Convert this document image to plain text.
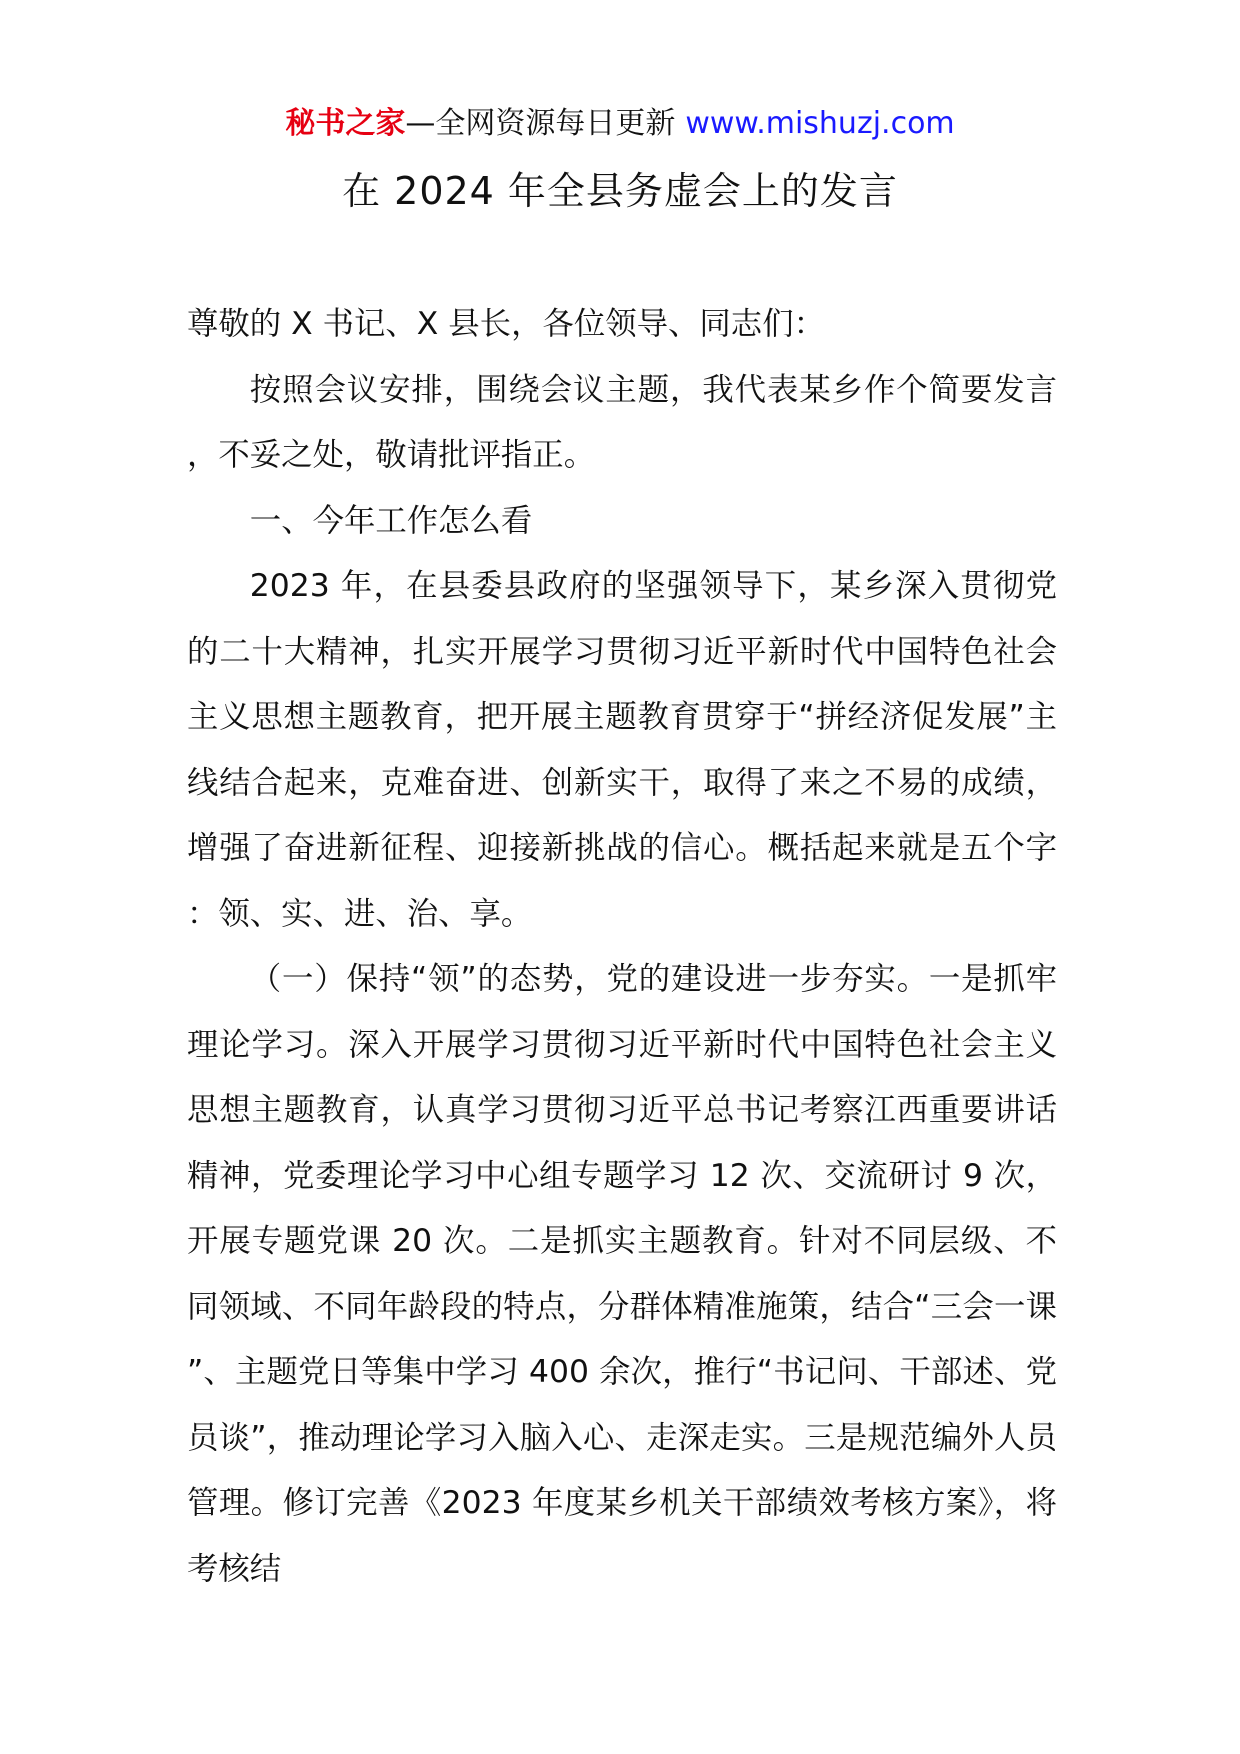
秘书之家—全网资源每日更新 www.mishuzj.com
在 2024 年全县务虚会上的发言

尊敬的 X 书记、X 县长，各位领导、同志们：

按照会议安排，围绕会议主题，我代表某乡作个简要发言，不妥之处，敬请批评指正。

一、今年工作怎么看

2023 年，在县委县政府的坚强领导下，某乡深入贯彻党的二十大精神，扎实开展学习贯彻习近平新时代中国特色社会主义思想主题教育，把开展主题教育贯穿于“拼经济促发展”主线结合起来，克难奋进、创新实干，取得了来之不易的成绩，增强了奋进新征程、迎接新挑战的信心。概括起来就是五个字：领、实、进、治、享。

（一）保持“领”的态势，党的建设进一步夯实。一是抓牢理论学习。深入开展学习贯彻习近平新时代中国特色社会主义思想主题教育，认真学习贯彻习近平总书记考察江西重要讲话精神，党委理论学习中心组专题学习 12 次、交流研讨 9 次，开展专题党课 20 次。二是抓实主题教育。针对不同层级、不同领域、不同年龄段的特点，分群体精准施策，结合“三会一课”、主题党日等集中学习 400 余次，推行“书记问、干部述、党员谈”，推动理论学习入脑入心、走深走实。三是规范编外人员管理。修订完善《2023 年度某乡机关干部绩效考核方案》，将考核结
